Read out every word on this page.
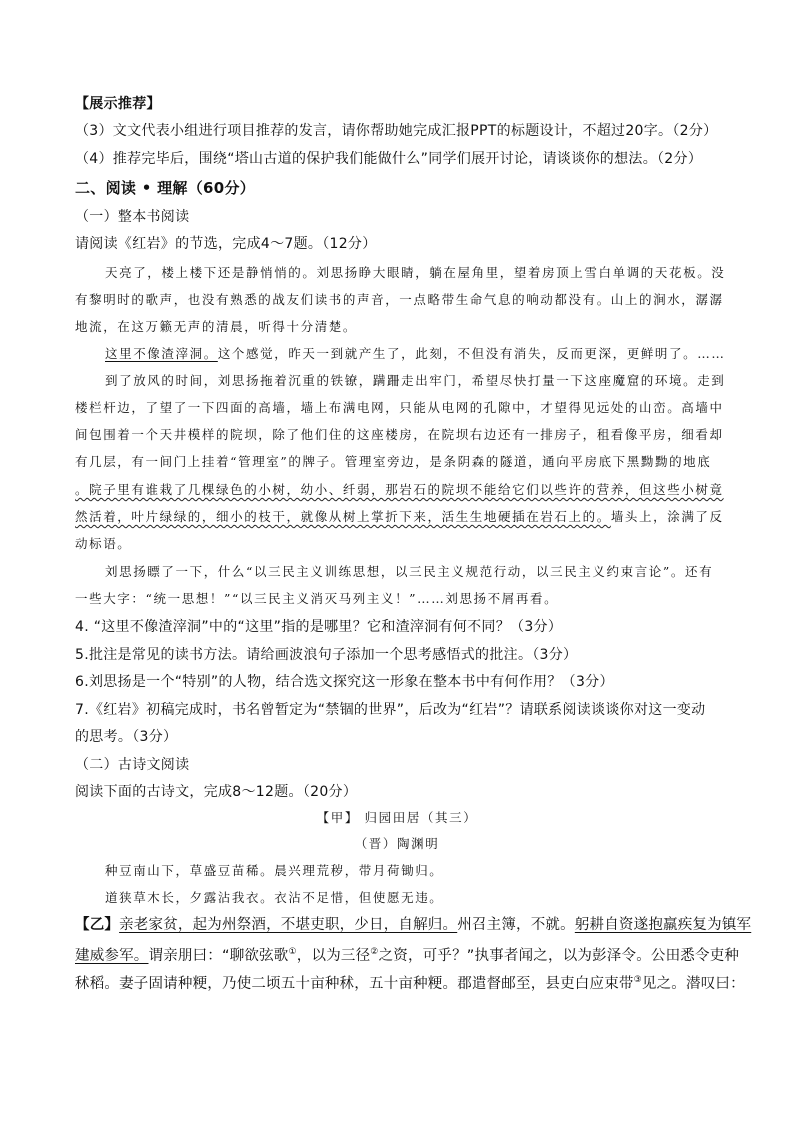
【展示推荐】
（3）文文代表小组进行项目推荐的发言，请你帮助她完成汇报PPT的标题设计，不超过20字。（2分）
（4）推荐完毕后，围绕“塔山古道的保护我们能做什么”同学们展开讨论，请谈谈你的想法。（2分）
二、阅读 • 理解（60分）
（一）整本书阅读
请阅读《红岩》的节选，完成4～7题。（12分）
天亮了，楼上楼下还是静悄悄的。刘思扬睁大眼睛，躺在屋角里，望着房顶上雪白单调的天花板。没
有黎明时的歌声，也没有熟悉的战友们读书的声音，一点略带生命气息的响动都没有。山上的涧水，潺潺
地流，在这万籁无声的清晨，听得十分清楚。
这里不像渣滓洞。这个感觉，昨天一到就产生了，此刻，不但没有消失，反而更深，更鲜明了。……
到了放风的时间，刘思扬拖着沉重的铁镣，蹒跚走出牢门，希望尽快打量一下这座魔窟的环境。走到
楼栏杆边，了望了一下四面的高墙，墙上布满电网，只能从电网的孔隙中，才望得见远处的山峦。高墙中
间包围着一个天井模样的院坝，除了他们住的这座楼房，在院坝右边还有一排房子，租看像平房，细看却
有几层，有一间门上挂着“管理室”的牌子。管理室旁边，是条阴森的隧道，通向平房底下黑黝黝的地底
。院子里有谁栽了几棵绿色的小树，幼小、纤弱，那岩石的院坝不能给它们以些许的营养，但这些小树竟
然活着，叶片绿绿的，细小的枝干，就像从树上掌折下来，活生生地硬插在岩石上的。墙头上，涂满了反
动标语。
刘思扬瞟了一下，什么“以三民主义训练思想，以三民主义规范行动，以三民主义约束言论”。还有
一些大字：“统一思想！”“以三民主义消灭马列主义！”……刘思扬不屑再看。
4. “这里不像渣滓洞”中的“这里”指的是哪里？它和渣滓洞有何不同？（3分）
5.批注是常见的读书方法。请给画波浪句子添加一个思考感悟式的批注。（3分）
6.刘思扬是一个“特别”的人物，结合选文探究这一形象在整本书中有何作用？（3分）
7.《红岩》初稿完成时，书名曾暂定为“禁锢的世界”，后改为“红岩”？请联系阅读谈谈你对这一变动
的思考。（3分）
（二）古诗文阅读
阅读下面的古诗文，完成8～12题。（20分）
【甲】 归园田居（其三）
（晋）陶渊明
种豆南山下，草盛豆苗稀。晨兴理荒秽，带月荷锄归。
道狭草木长，夕露沾我衣。衣沾不足惜，但使愿无违。
【乙】亲老家贫，起为州祭酒，不堪吏职，少日，自解归。州召主簿，不就。躬耕自资遂抱羸疾复为镇军
建威参军。谓亲朋曰：“聊欲弦歌①，以为三径②之资，可乎？”执事者闻之，以为彭泽令。公田悉令吏种
秫稻。妻子固请种粳，乃使二顷五十亩种秫，五十亩种粳。郡遣督邮至，县吏白应束带③见之。潜叹曰：
